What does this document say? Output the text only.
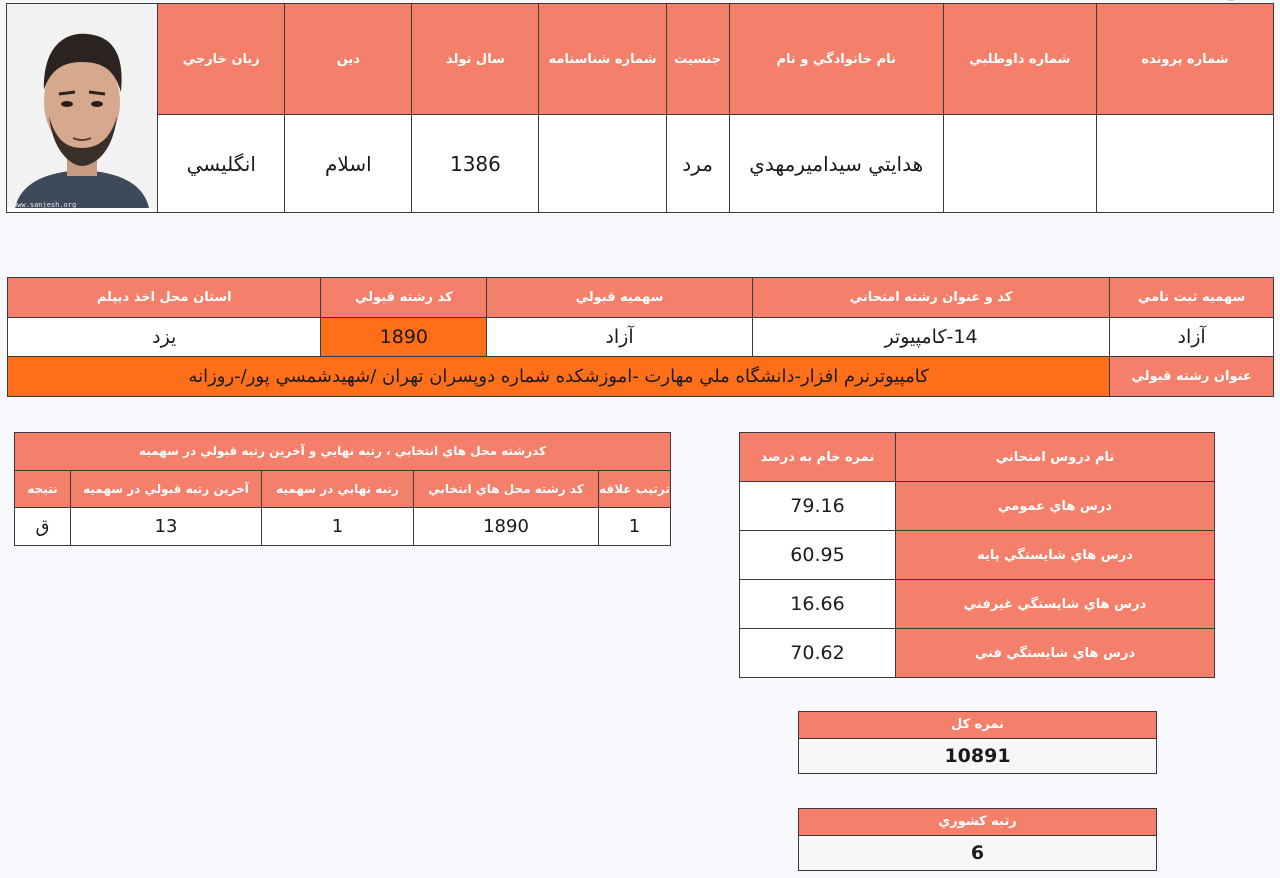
شماره پرونده	شماره داوطلبي	نام خانوادگي و نام	جنسيت	شماره شناسنامه	سال تولد	دين	زبان خارجي	www.sanjesh.org

		هدايتي سيدامیرمهدي	مرد		1386	اسلام	انگليسي	
سهميه ثبت نامي	كد و عنوان رشته امتحاني	سهميه قبولي	كد رشته قبولي	استان محل اخذ ديپلم
آزاد	14-كامپيوتر	آزاد	1890	يزد
عنوان رشته قبولي	كامپيوترنرم افزار-دانشگاه ملي مهارت -اموزشكده شماره دوپسران تهران /شهيدشمسي پور/-روزانه			
نام دروس امتحاني	نمره خام به درصد
درس هاي عمومي	79.16
درس هاي شايستگي پايه	60.95
درس هاي شايستگي غيرفني	16.66
درس هاي شايستگي فني	70.62
كدرشته محل هاي انتخابي ، رتبه نهايي و آخرين رتبه قبولي در سهميه				
ترتيب علاقه	كد رشته محل هاي انتخابي	رتبه نهايي در سهميه	آخرين رتبه قبولي در سهميه	نتيجه
1	1890	1	13	ق
نمره كل
10891
رتبه كشوري
6
